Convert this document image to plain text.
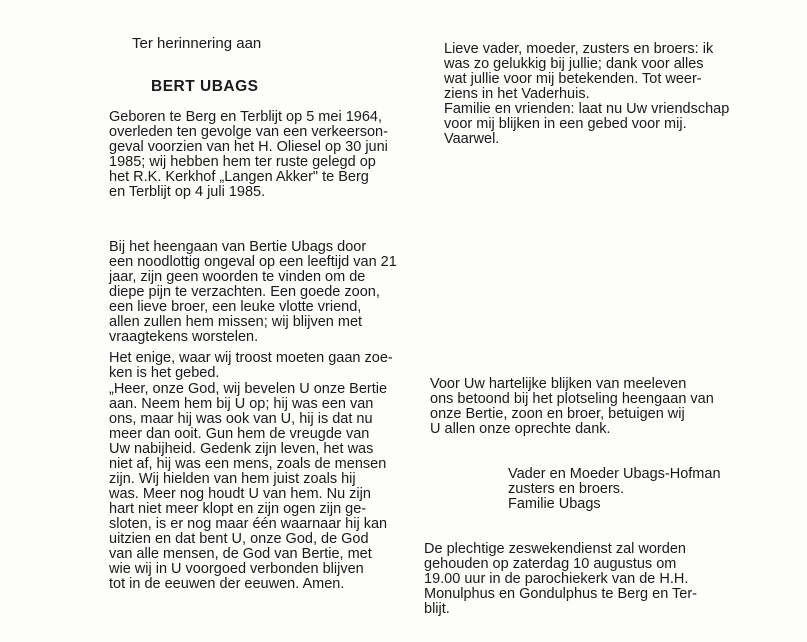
Ter herinnering aan
BERT UBAGS
Geboren te Berg en Terblijt op 5 mei 1964,
overleden ten gevolge van een verkeerson-
geval voorzien van het H. Oliesel op 30 juni
1985; wij hebben hem ter ruste gelegd op
het R.K. Kerkhof „Langen Akker" te Berg
en Terblijt op 4 juli 1985.
Bij het heengaan van Bertie Ubags door
een noodlottig ongeval op een leeftijd van 21
jaar, zijn geen woorden te vinden om de
diepe pijn te verzachten. Een goede zoon,
een lieve broer, een leuke vlotte vriend,
allen zullen hem missen; wij blijven met
vraagtekens worstelen.
Het enige, waar wij troost moeten gaan zoe-
ken is het gebed.
„Heer, onze God, wij bevelen U onze Bertie
aan. Neem hem bij U op; hij was een van
ons, maar hij was ook van U, hij is dat nu
meer dan ooit. Gun hem de vreugde van
Uw nabijheid. Gedenk zijn leven, het was
niet af, hij was een mens, zoals de mensen
zijn. Wij hielden van hem juist zoals hij
was. Meer nog houdt U van hem. Nu zijn
hart niet meer klopt en zijn ogen zijn ge-
sloten, is er nog maar één waarnaar hij kan
uitzien en dat bent U, onze God, de God
van alle mensen, de God van Bertie, met
wie wij in U voorgoed verbonden blijven
tot in de eeuwen der eeuwen. Amen.
Lieve vader, moeder, zusters en broers: ik
was zo gelukkig bij jullie; dank voor alles
wat jullie voor mij betekenden. Tot weer-
ziens in het Vaderhuis.
Familie en vrienden: laat nu Uw vriendschap
voor mij blijken in een gebed voor mij.
Vaarwel.
Voor Uw hartelijke blijken van meeleven
ons betoond bij het plotseling heengaan van
onze Bertie, zoon en broer, betuigen wij
U allen onze oprechte dank.
Vader en Moeder Ubags-Hofman
zusters en broers.
Familie Ubags
De plechtige zeswekendienst zal worden
gehouden op zaterdag 10 augustus om
19.00 uur in de parochiekerk van de H.H.
Monulphus en Gondulphus te Berg en Ter-
blijt.
